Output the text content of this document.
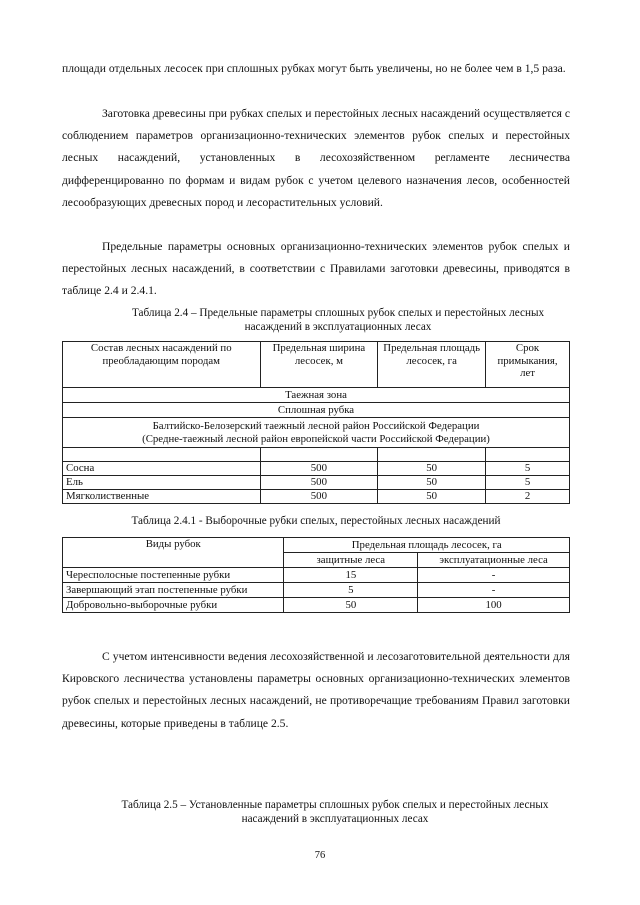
площади отдельных лесосек при сплошных рубках могут быть увеличены, но не более чем в 1,5 раза.

Заготовка древесины при рубках спелых и перестойных лесных насаждений осуществляется с соблюдением параметров организационно-технических элементов рубок спелых и перестойных лесных насаждений, установленных в лесохозяйственном регламенте лесничества дифференцированно по формам и видам рубок с учетом целевого назначения лесов, особенностей лесообразующих древесных пород и лесорастительных условий.

Предельные параметры основных организационно-технических элементов рубок спелых и перестойных лесных насаждений, в соответствии с Правилами заготовки древесины, приводятся в таблице 2.4 и 2.4.1.

Таблица 2.4 – Предельные параметры сплошных рубок спелых и перестойных лесных насаждений в эксплуатационных лесах

Состав лесных насаждений по преобладающим породам	Предельная ширина лесосек, м	Предельная площадь лесосек, га	Срок примыкания, лет
Таежная зона			
Сплошная рубка			

Балтийско-Белозерский таежный лесной район Российской Федерации
(Средне-таежный лесной район европейской части Российской Федерации)			

Сосна	500	50	5
Ель	500	50	5
Мягколиственные	500	50	2

Таблица 2.4.1 - Выборочные рубки спелых, перестойных лесных насаждений

Виды рубок	Предельная площадь лесосек, га	
	защитные леса	эксплуатационные леса
Чересполосные постепенные рубки	15	-
Завершающий этап постепенные рубки	5	-
Добровольно-выборочные рубки	50	100

С учетом интенсивности ведения лесохозяйственной и лесозаготовительной деятельности для Кировского лесничества установлены параметры основных организационно-технических элементов рубок спелых и перестойных лесных насаждений, не противоречащие требованиям Правил заготовки древесины, которые приведены в таблице 2.5.

Таблица 2.5 – Установленные параметры сплошных рубок спелых и перестойных лесных насаждений в эксплуатационных лесах

76
